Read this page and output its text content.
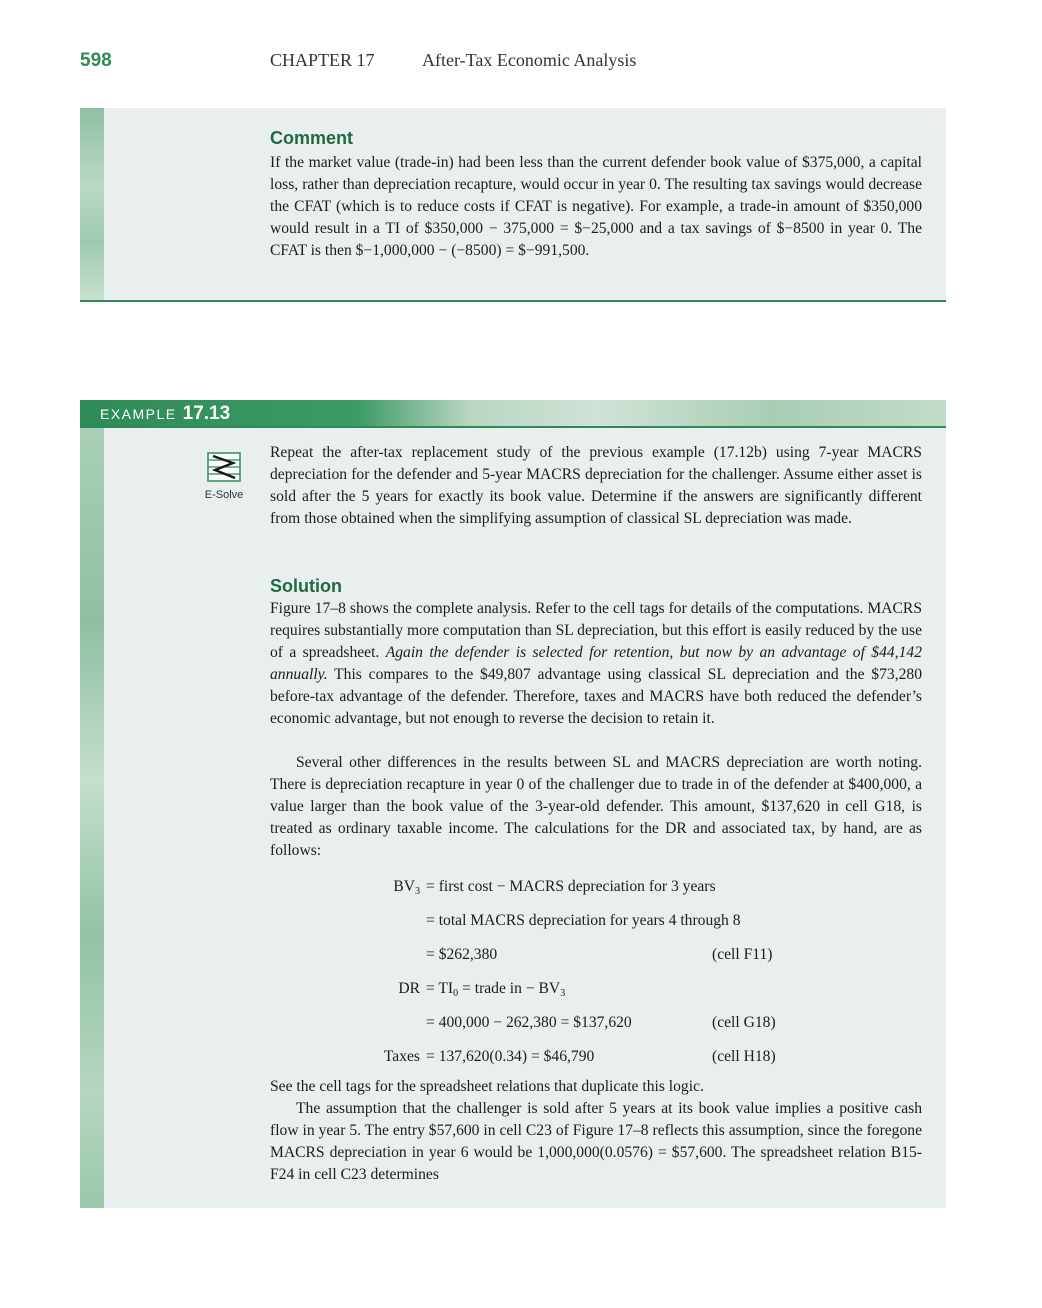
598	CHAPTER 17	After-Tax Economic Analysis
Comment
If the market value (trade-in) had been less than the current defender book value of $375,000, a capital loss, rather than depreciation recapture, would occur in year 0. The resulting tax savings would decrease the CFAT (which is to reduce costs if CFAT is negative). For example, a trade-in amount of $350,000 would result in a TI of $350,000 − 375,000 = $−25,000 and a tax savings of $−8500 in year 0. The CFAT is then $−1,000,000 − (−8500) = $−991,500.
EXAMPLE 17.13
E-Solve
Repeat the after-tax replacement study of the previous example (17.12b) using 7-year MACRS depreciation for the defender and 5-year MACRS depreciation for the challenger. Assume either asset is sold after the 5 years for exactly its book value. Determine if the answers are significantly different from those obtained when the simplifying assumption of classical SL depreciation was made.
Solution
Figure 17–8 shows the complete analysis. Refer to the cell tags for details of the computations. MACRS requires substantially more computation than SL depreciation, but this effort is easily reduced by the use of a spreadsheet. Again the defender is selected for retention, but now by an advantage of $44,142 annually. This compares to the $49,807 advantage using classical SL depreciation and the $73,280 before-tax advantage of the defender. Therefore, taxes and MACRS have both reduced the defender’s economic advantage, but not enough to reverse the decision to retain it.
Several other differences in the results between SL and MACRS depreciation are worth noting. There is depreciation recapture in year 0 of the challenger due to trade in of the defender at $400,000, a value larger than the book value of the 3-year-old defender. This amount, $137,620 in cell G18, is treated as ordinary taxable income. The calculations for the DR and associated tax, by hand, are as follows:
$BV_3$ = first cost − MACRS depreciation for 3 years
= total MACRS depreciation for years 4 through 8
= $262,380	(cell F11)
DR = $TI_0$ = trade in − $BV_3$
= 400,000 − 262,380 = $137,620	(cell G18)
Taxes = 137,620(0.34) = $46,790	(cell H18)
See the cell tags for the spreadsheet relations that duplicate this logic.
The assumption that the challenger is sold after 5 years at its book value implies a positive cash flow in year 5. The entry $57,600 in cell C23 of Figure 17–8 reflects this assumption, since the foregone MACRS depreciation in year 6 would be 1,000,000(0.0576) = $57,600. The spreadsheet relation B15-F24 in cell C23 determines
